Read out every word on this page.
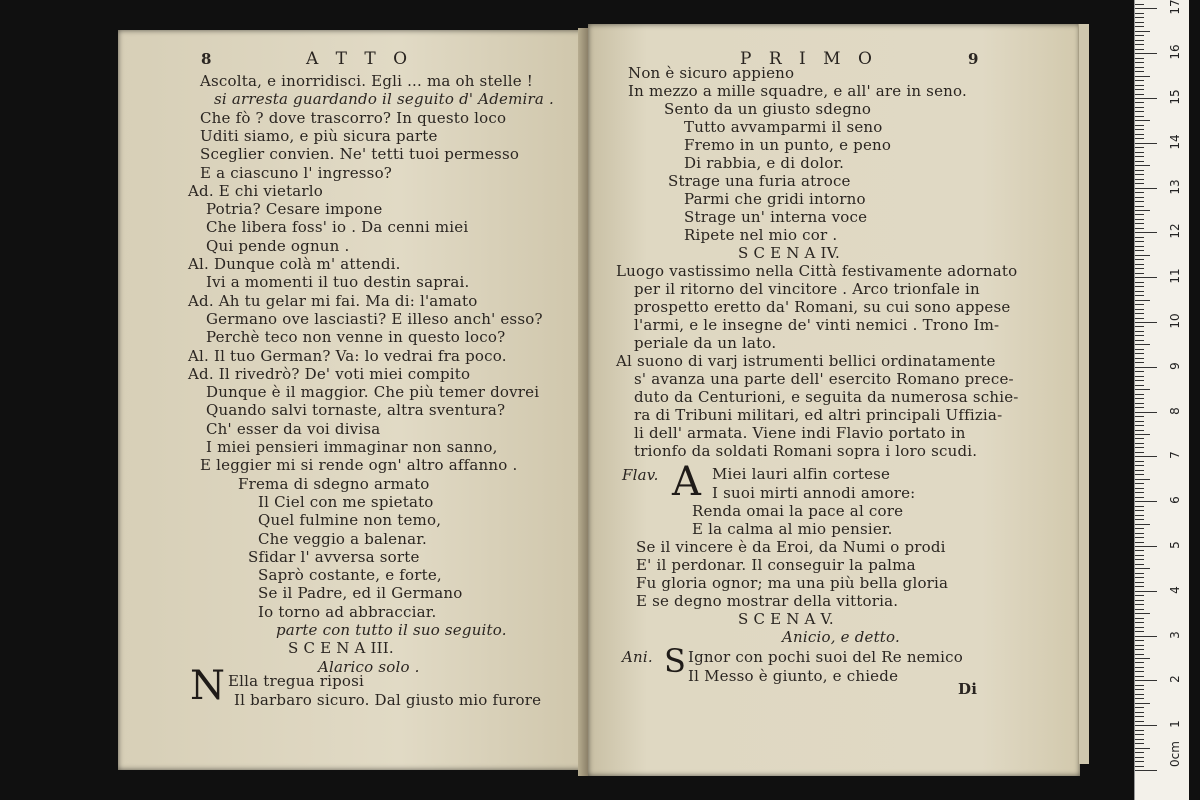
8	A T T O
Ascolta, e inorridisci. Egli ... ma oh stelle !
si arresta guardando il seguito d' Ademira .
Che fò ? dove trascorro? In questo loco
Uditi siamo, e più sicura parte
Sceglier convien. Ne' tetti tuoi permesso
E a ciascuno l' ingresso?
Ad. E chi vietarlo
Potria? Cesare impone
Che libera foss' io . Da cenni miei
Qui pende ognun .
Al. Dunque colà m' attendi.
Ivi a momenti il tuo destin saprai.
Ad. Ah tu gelar mi fai. Ma di: l'amato
Germano ove lasciasti? E illeso anch' esso?
Perchè teco non venne in questo loco?
Al. Il tuo German? Va: lo vedrai fra poco.
Ad. Il rivedrò? De' voti miei compito
Dunque è il maggior. Che più temer dovrei
Quando salvi tornaste, altra sventura?
Ch' esser da voi divisa
I miei pensieri immaginar non sanno,
E leggier mi si rende ogn' altro affanno .
Frema di sdegno armato
Il Ciel con me spietato
Quel fulmine non temo,
Che veggio a balenar.
Sfidar l' avversa sorte
Saprò costante, e forte,
Se il Padre, ed il Germano
Io torno ad abbracciar.
parte con tutto il suo seguito.
S C E N A III.
Alarico solo .
N Ella tregua riposi
Il barbaro sicuro. Dal giusto mio furore
P R I M O	9
Non è sicuro appieno
In mezzo a mille squadre, e all' are in seno.
Sento da un giusto sdegno
Tutto avvamparmi il seno
Fremo in un punto, e peno
Di rabbia, e di dolor.
Strage una furia atroce
Parmi che gridi intorno
Strage un' interna voce
Ripete nel mio cor .
S C E N A IV.
Luogo vastissimo nella Città festivamente adornato
per il ritorno del vincitore . Arco trionfale in
prospetto eretto da' Romani, su cui sono appese
l'armi, e le insegne de' vinti nemici . Trono Im-
periale da un lato.
Al suono di varj istrumenti bellici ordinatamente
s' avanza una parte dell' esercito Romano prece-
duto da Centurioni, e seguita da numerosa schie-
ra di Tribuni militari, ed altri principali Uffizia-
li dell' armata. Viene indi Flavio portato in
trionfo da soldati Romani sopra i loro scudi.
Flav. A Miei lauri alfin cortese
I suoi mirti annodi amore:
Renda omai la pace al core
E la calma al mio pensier.
Se il vincere è da Eroi, da Numi o prodi
E' il perdonar. Il conseguir la palma
Fu gloria ognor; ma una più bella gloria
E se degno mostrar della vittoria.
S C E N A V.
Anicio, e detto.
Ani. S Ignor con pochi suoi del Re nemico
Il Messo è giunto, e chiede
Di
0cm
1
2
3
4
5
6
7
8
9
10
11
12
13
14
15
16
17
